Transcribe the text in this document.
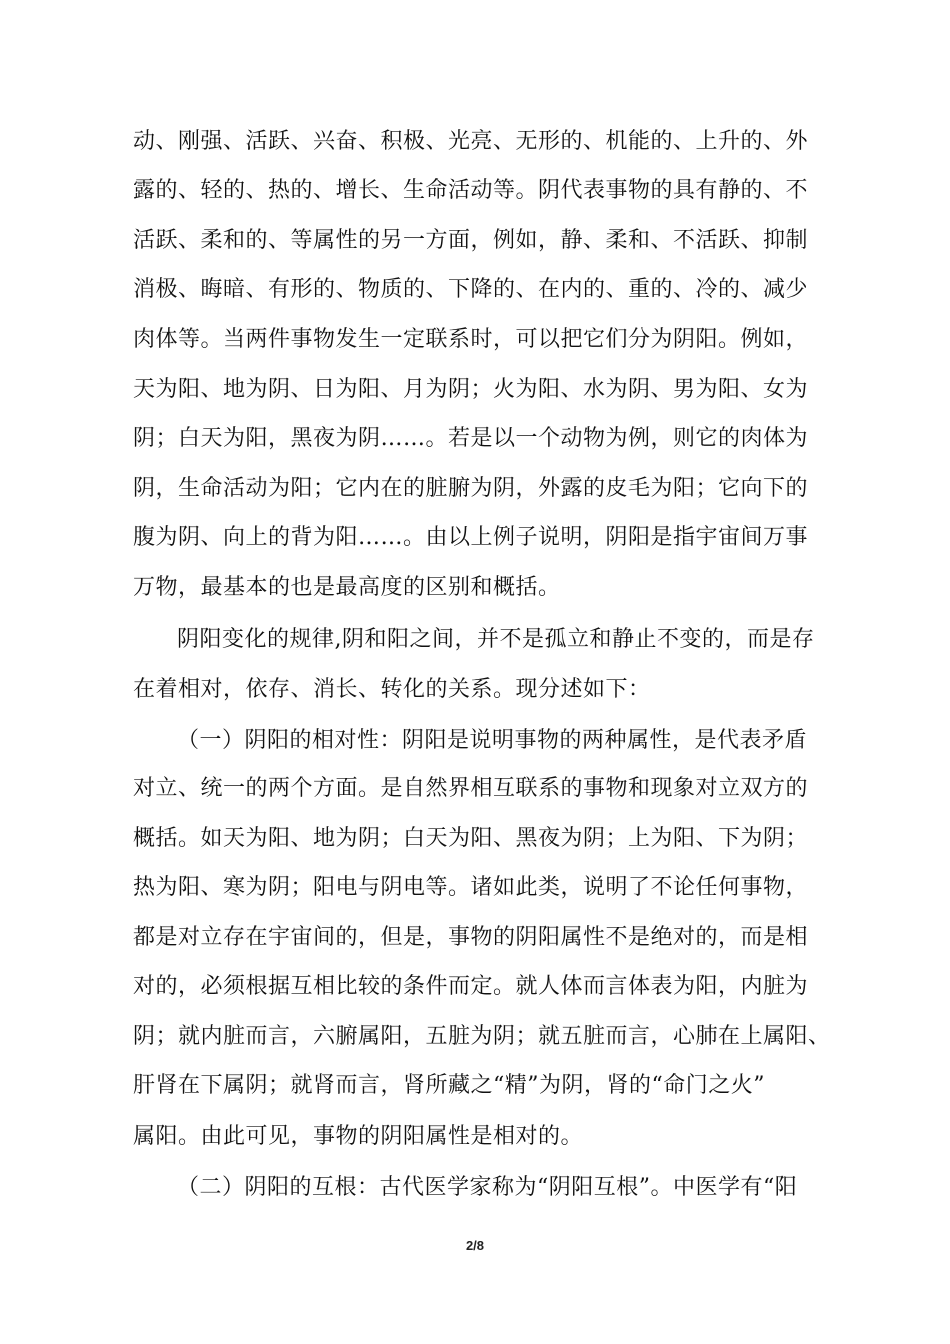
动、刚强、活跃、兴奋、积极、光亮、无形的、机能的、上升的、外
露的、轻的、热的、增长、生命活动等。阴代表事物的具有静的、不
活跃、柔和的、等属性的另一方面，例如，静、柔和、不活跃、抑制
消极、晦暗、有形的、物质的、下降的、在内的、重的、冷的、减少
肉体等。当两件事物发生一定联系时，可以把它们分为阴阳。例如，
天为阳、地为阴、日为阳、月为阴；火为阳、水为阴、男为阳、女为
阴；白天为阳，黑夜为阴……。若是以一个动物为例，则它的肉体为
阴，生命活动为阳；它内在的脏腑为阴，外露的皮毛为阳；它向下的
腹为阴、向上的背为阳……。由以上例子说明，阴阳是指宇宙间万事
万物，最基本的也是最高度的区别和概括。
阴阳变化的规律,阴和阳之间，并不是孤立和静止不变的，而是存
在着相对，依存、消长、转化的关系。现分述如下：
（一）阴阳的相对性：阴阳是说明事物的两种属性，是代表矛盾
对立、统一的两个方面。是自然界相互联系的事物和现象对立双方的
概括。如天为阳、地为阴；白天为阳、黑夜为阴；上为阳、下为阴；
热为阳、寒为阴；阳电与阴电等。诸如此类，说明了不论任何事物，
都是对立存在宇宙间的，但是，事物的阴阳属性不是绝对的，而是相
对的，必须根据互相比较的条件而定。就人体而言体表为阳，内脏为
阴；就内脏而言，六腑属阳，五脏为阴；就五脏而言，心肺在上属阳、
肝肾在下属阴；就肾而言，肾所藏之“精”为阴，肾的“命门之火”
属阳。由此可见，事物的阴阳属性是相对的。
（二）阴阳的互根：古代医学家称为“阴阳互根”。中医学有“阳
2/8
